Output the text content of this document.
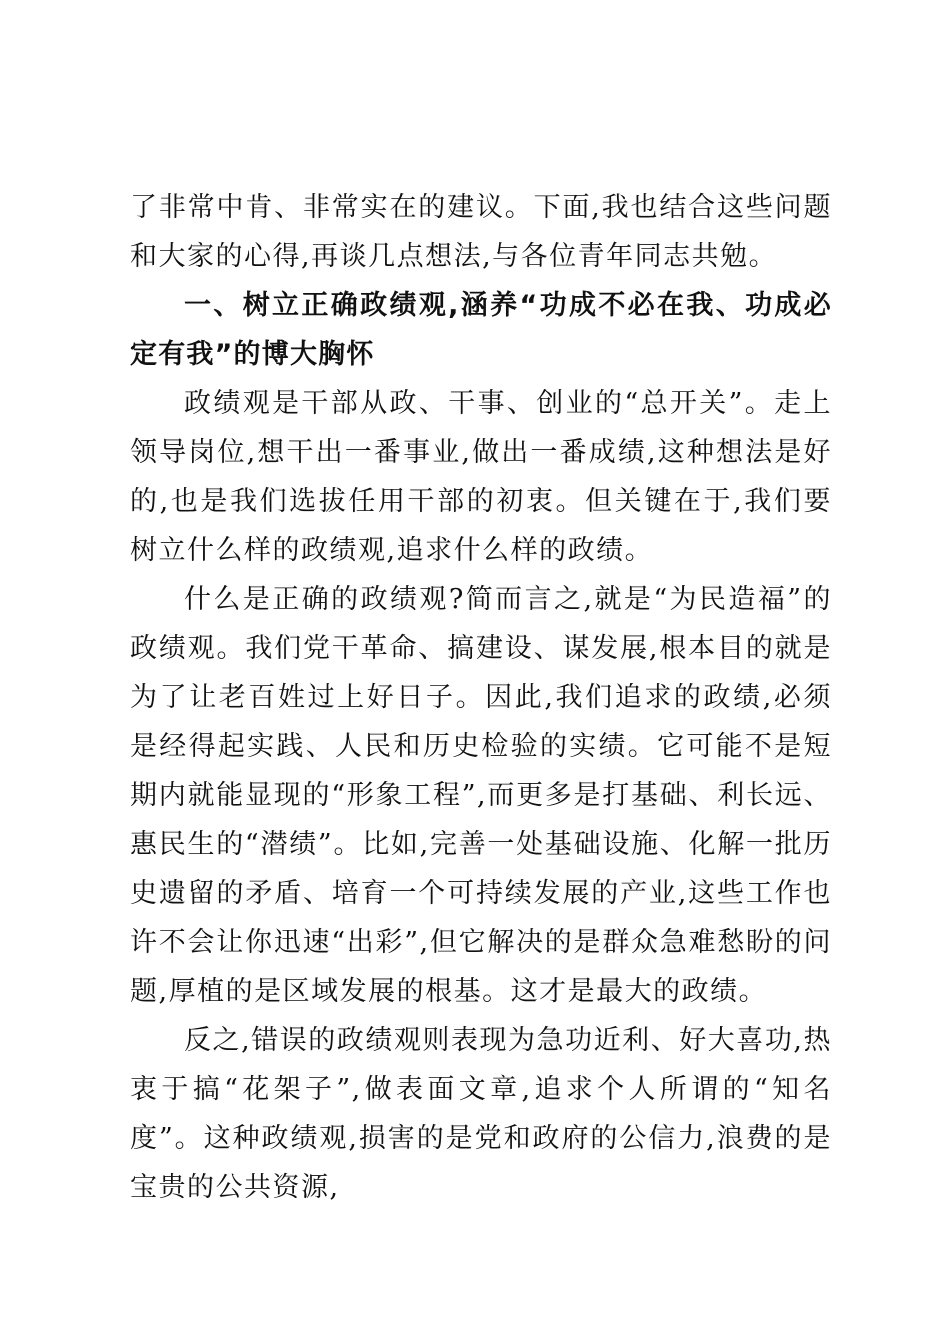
了非常中肯、非常实在的建议。下面,我也结合这些问题和大家的心得,再谈几点想法,与各位青年同志共勉。

一、树立正确政绩观,涵养“功成不必在我、功成必定有我”的博大胸怀

政绩观是干部从政、干事、创业的“总开关”。走上领导岗位,想干出一番事业,做出一番成绩,这种想法是好的,也是我们选拔任用干部的初衷。但关键在于,我们要树立什么样的政绩观,追求什么样的政绩。

什么是正确的政绩观?简而言之,就是“为民造福”的政绩观。我们党干革命、搞建设、谋发展,根本目的就是为了让老百姓过上好日子。因此,我们追求的政绩,必须是经得起实践、人民和历史检验的实绩。它可能不是短期内就能显现的“形象工程”,而更多是打基础、利长远、惠民生的“潜绩”。比如,完善一处基础设施、化解一批历史遗留的矛盾、培育一个可持续发展的产业,这些工作也许不会让你迅速“出彩”,但它解决的是群众急难愁盼的问题,厚植的是区域发展的根基。这才是最大的政绩。

反之,错误的政绩观则表现为急功近利、好大喜功,热衷于搞“花架子”,做表面文章,追求个人所谓的“知名度”。这种政绩观,损害的是党和政府的公信力,浪费的是宝贵的公共资源,
